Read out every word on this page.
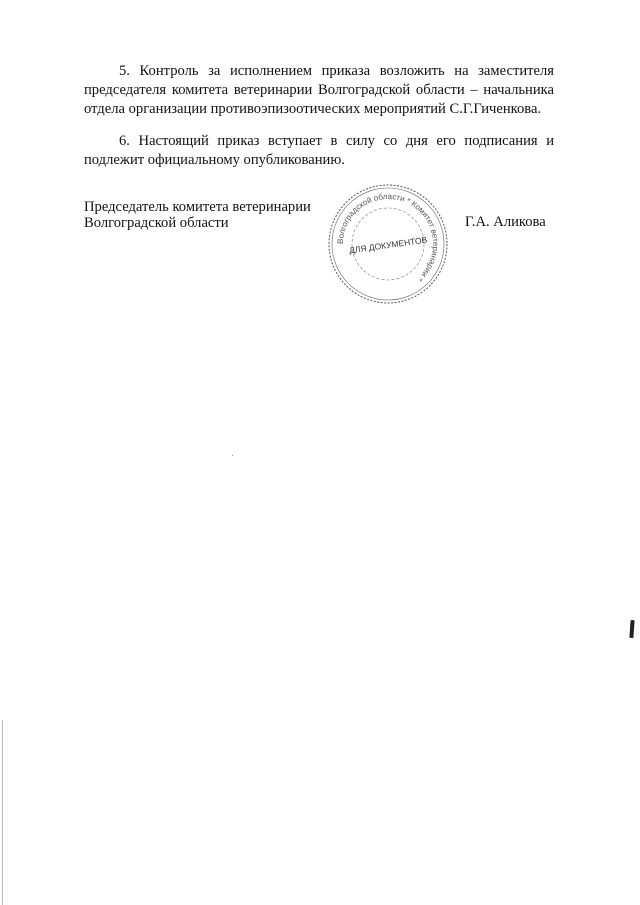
5. Контроль за исполнением приказа возложить на заместителя председателя комитета ветеринарии Волгоградской области – начальника отдела организации противоэпизоотических мероприятий С.Г.Гиченкова.

6. Настоящий приказ вступает в силу со дня его подписания и подлежит официальному опубликованию.

Председатель комитета ветеринарии
Волгоградской области
Волгоградской области * Комитет ветеринарии *
ДЛЯ ДОКУМЕНТОВ
Г.А. Аликова
